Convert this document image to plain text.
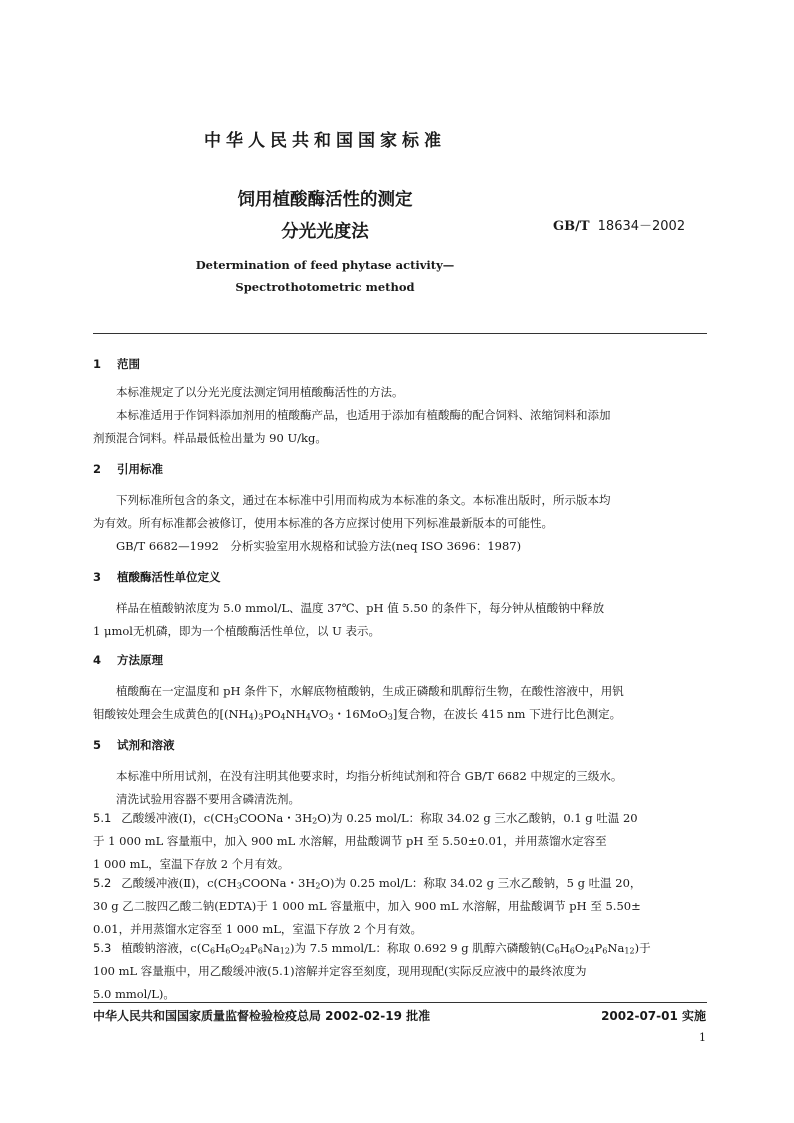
中华人民共和国国家标准
饲用植酸酶活性的测定
分光光度法	GB/T 18634－2002
Determination of feed phytase activity—
Spectrothotometric method
1 范围
本标准规定了以分光光度法测定饲用植酸酶活性的方法。
本标准适用于作饲料添加剂用的植酸酶产品，也适用于添加有植酸酶的配合饲料、浓缩饲料和添加
剂预混合饲料。样品最低检出量为 90 U/kg。
2 引用标准
下列标准所包含的条文，通过在本标准中引用而构成为本标准的条文。本标准出版时，所示版本均
为有效。所有标准都会被修订，使用本标准的各方应探讨使用下列标准最新版本的可能性。
GB/T 6682—1992　分析实验室用水规格和试验方法(neq ISO 3696：1987)
3 植酸酶活性单位定义
样品在植酸钠浓度为 5.0 mmol/L、温度 37℃、pH 值 5.50 的条件下，每分钟从植酸钠中释放
1 μmol无机磷，即为一个植酸酶活性单位，以 U 表示。
4 方法原理
植酸酶在一定温度和 pH 条件下，水解底物植酸钠，生成正磷酸和肌醇衍生物，在酸性溶液中，用钒
钼酸铵处理会生成黄色的[$(NH_4)_3PO_4NH_4VO_3$・16MoO$_3$]复合物，在波长 415 nm 下进行比色测定。
5 试剂和溶液
本标准中所用试剂，在没有注明其他要求时，均指分析纯试剂和符合 GB/T 6682 中规定的三级水。
清洗试验用容器不要用含磷清洗剂。
5.1 乙酸缓冲液(Ⅰ)，$c(CH_3COONa$・$3H_2O$)为 0.25 mol/L：称取 34.02 g 三水乙酸钠，0.1 g 吐温 20
于 1 000 mL 容量瓶中，加入 900 mL 水溶解，用盐酸调节 pH 至 5.50±0.01，并用蒸馏水定容至
1 000 mL，室温下存放 2 个月有效。
5.2 乙酸缓冲液(Ⅱ)，$c(CH_3COONa$・$3H_2O$)为 0.25 mol/L：称取 34.02 g 三水乙酸钠，5 g 吐温 20，
30 g 乙二胺四乙酸二钠(EDTA)于 1 000 mL 容量瓶中，加入 900 mL 水溶解，用盐酸调节 pH 至 5.50±
0.01，并用蒸馏水定容至 1 000 mL，室温下存放 2 个月有效。
5.3 植酸钠溶液，$c(C_6H_6O_{24}P_6Na_{12})$为 7.5 mmol/L：称取 0.692 9 g 肌醇六磷酸钠$(C_6H_6O_{24}P_6Na_{12})$于
100 mL 容量瓶中，用乙酸缓冲液(5.1)溶解并定容至刻度，现用现配(实际反应液中的最终浓度为
5.0 mmol/L)。
中华人民共和国国家质量监督检验检疫总局 2002-02-19 批准	2002-07-01 实施
1
